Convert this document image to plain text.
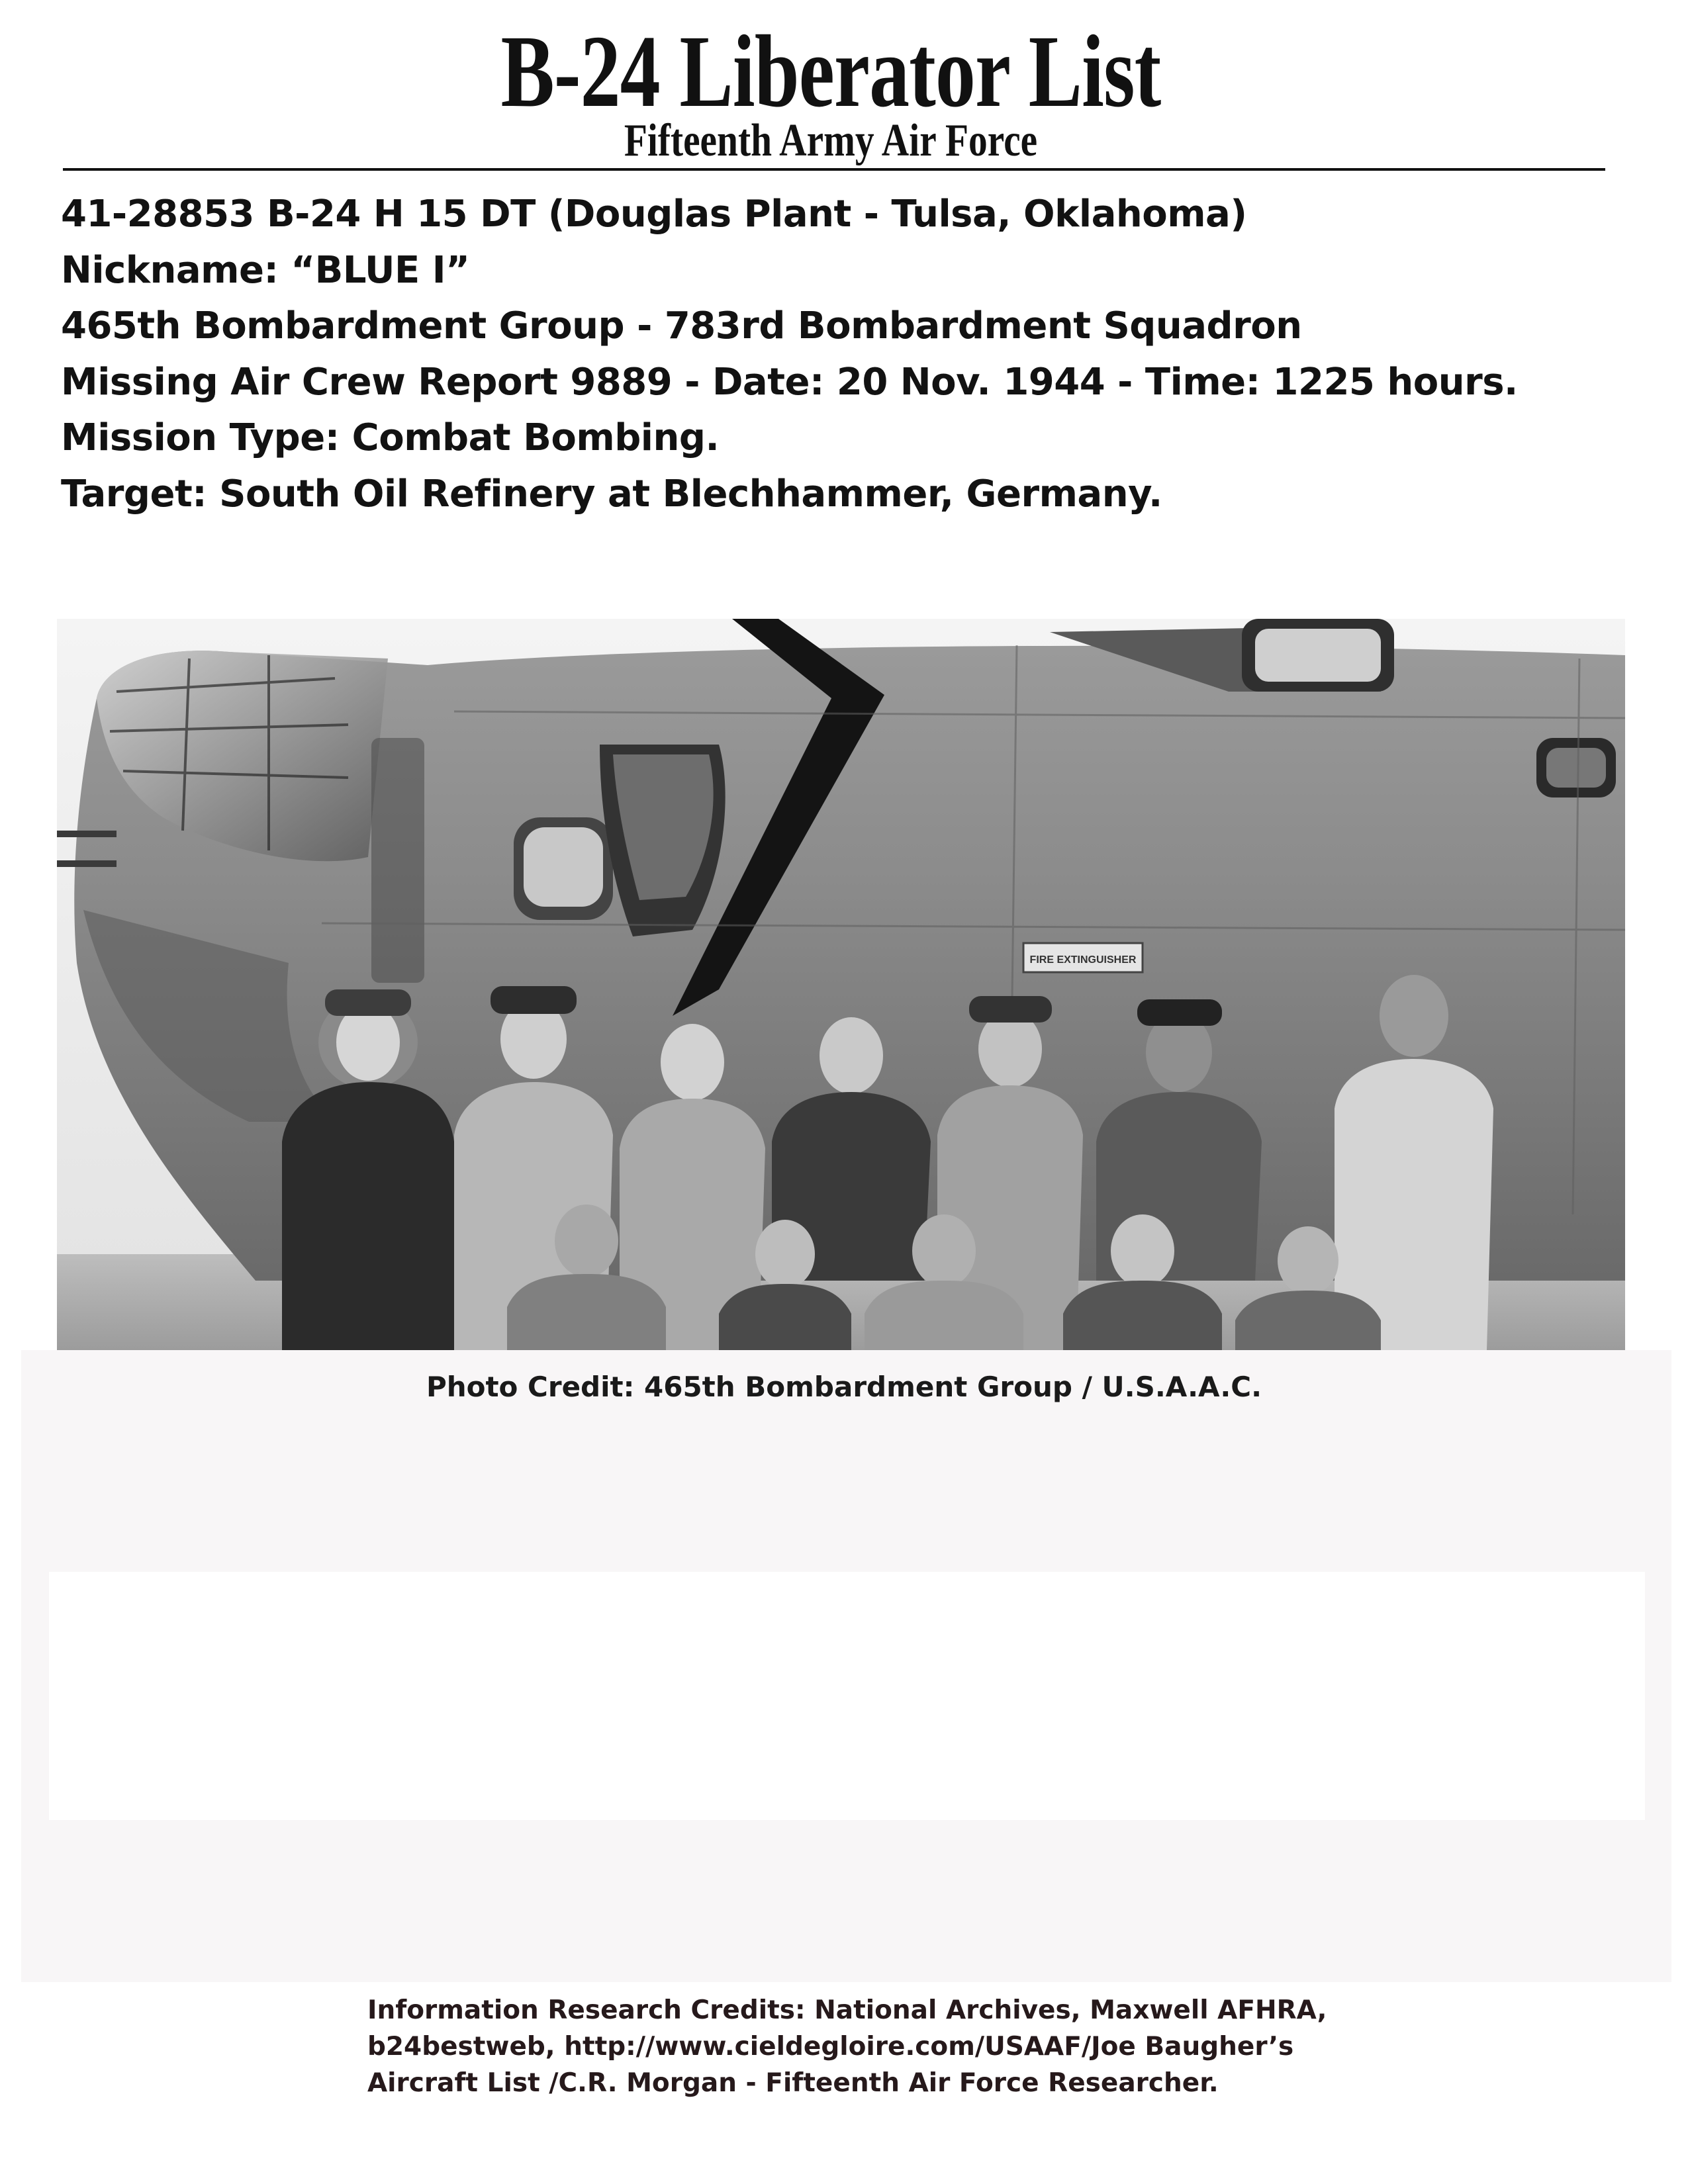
B-24 Liberator List
Fifteenth Army Air Force
41-28853 B-24 H 15 DT (Douglas Plant - Tulsa, Oklahoma)
Nickname: “BLUE I”
465th Bombardment Group - 783rd Bombardment Squadron
Missing Air Crew Report 9889 - Date: 20 Nov. 1944 - Time: 1225 hours.
Mission Type: Combat Bombing.
Target: South Oil Refinery at Blechhammer, Germany.
FIRE EXTINGUISHER
Photo Credit: 465th Bombardment Group / U.S.A.A.C.
Information Research Credits: National Archives, Maxwell AFHRA,
b24bestweb, http://www.cieldegloire.com/USAAF/Joe Baugher’s
Aircraft List /C.R. Morgan - Fifteenth Air Force Researcher.
